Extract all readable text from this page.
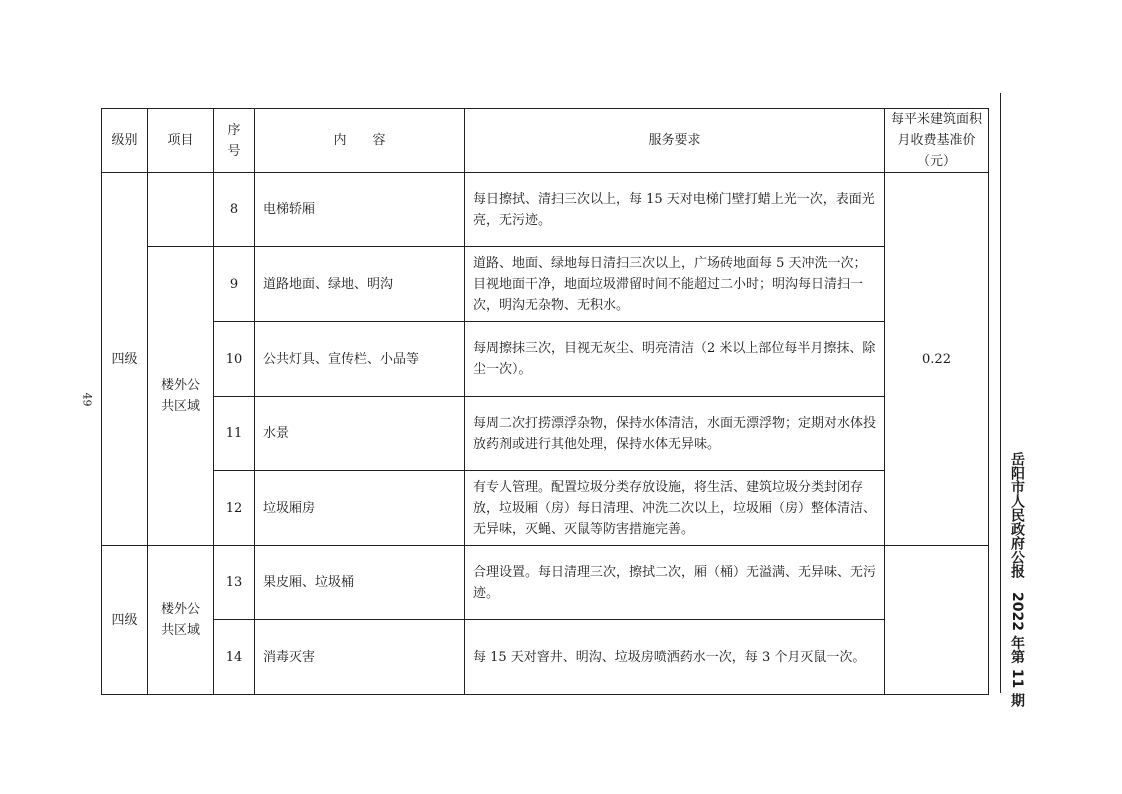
49
级别	项目	序号	内　　容	服务要求	每平米建筑面积月收费基准价（元）
四级		8	电梯轿厢	每日擦拭、清扫三次以上，每 15 天对电梯门壁打蜡上光一次，表面光亮，无污迹。	0.22
	楼外公共区域	9	道路地面、绿地、明沟	道路、地面、绿地每日清扫三次以上，广场砖地面每 5 天冲洗一次；目视地面干净，地面垃圾滞留时间不能超过二小时；明沟每日清扫一次，明沟无杂物、无积水。	
		10	公共灯具、宣传栏、小品等	每周擦抹三次，目视无灰尘、明亮清洁（2 米以上部位每半月擦抹、除尘一次）。	
		11	水景	每周二次打捞漂浮杂物，保持水体清洁，水面无漂浮物；定期对水体投放药剂或进行其他处理，保持水体无异味。	
		12	垃圾厢房	有专人管理。配置垃圾分类存放设施，将生活、建筑垃圾分类封闭存放，垃圾厢（房）每日清理、冲洗二次以上，垃圾厢（房）整体清洁、无异味，灭蝇、灭鼠等防害措施完善。	
四级	楼外公共区域	13	果皮厢、垃圾桶	合理设置。每日清理三次，擦拭二次，厢（桶）无溢满、无异味、无污迹。	
		14	消毒灭害	每 15 天对窨井、明沟、垃圾房喷洒药水一次，每 3 个月灭鼠一次。		岳阳市人民政府公报　2022 年第 11 期
